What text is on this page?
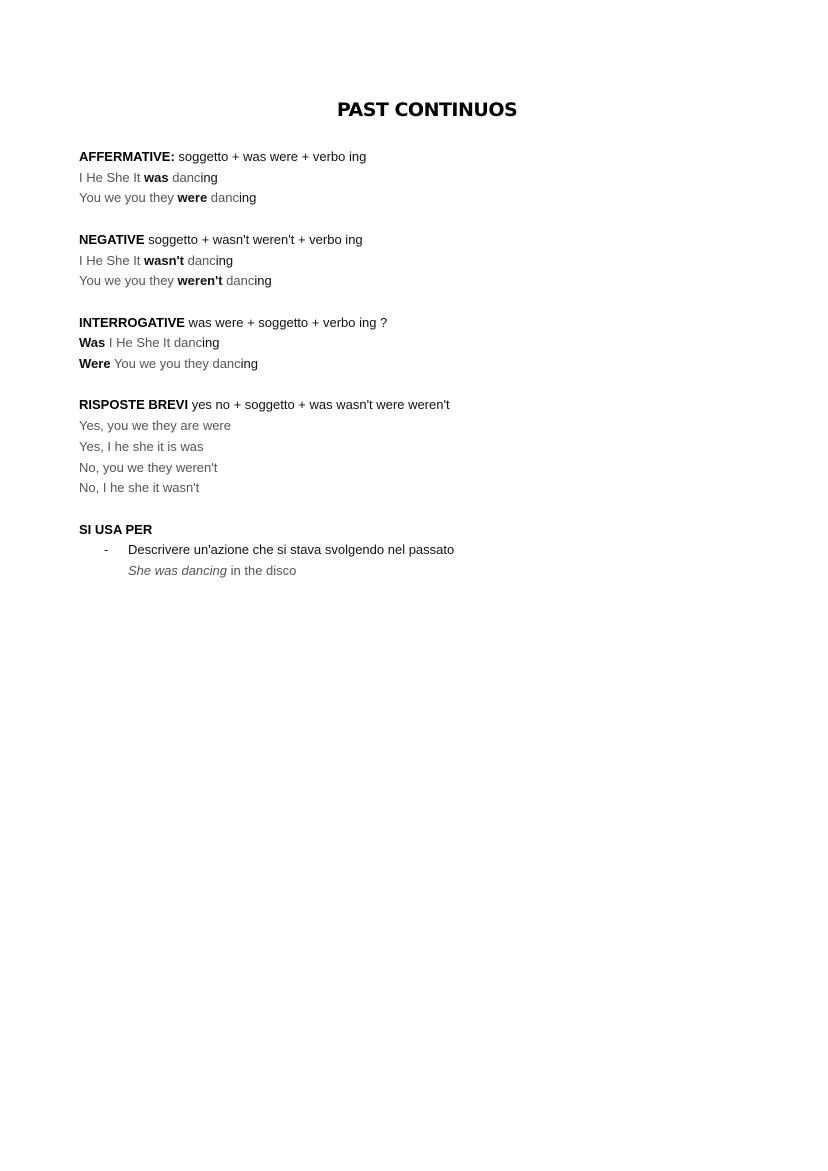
PAST CONTINUOS
AFFERMATIVE: soggetto + was were + verbo ing
I He She It was dancing
You we you they were dancing
NEGATIVE soggetto + wasn't weren't + verbo ing
I He She It wasn't dancing
You we you they weren't dancing
INTERROGATIVE was were + soggetto + verbo ing ?
Was I He She It dancing
Were You we you they dancing
RISPOSTE BREVI yes no + soggetto + was wasn't were weren't
Yes, you we they are were
Yes, I he she it is was
No, you we they weren't
No, I he she it wasn't
SI USA PER
- Descrivere un'azione che si stava svolgendo nel passato
She was dancing in the disco
